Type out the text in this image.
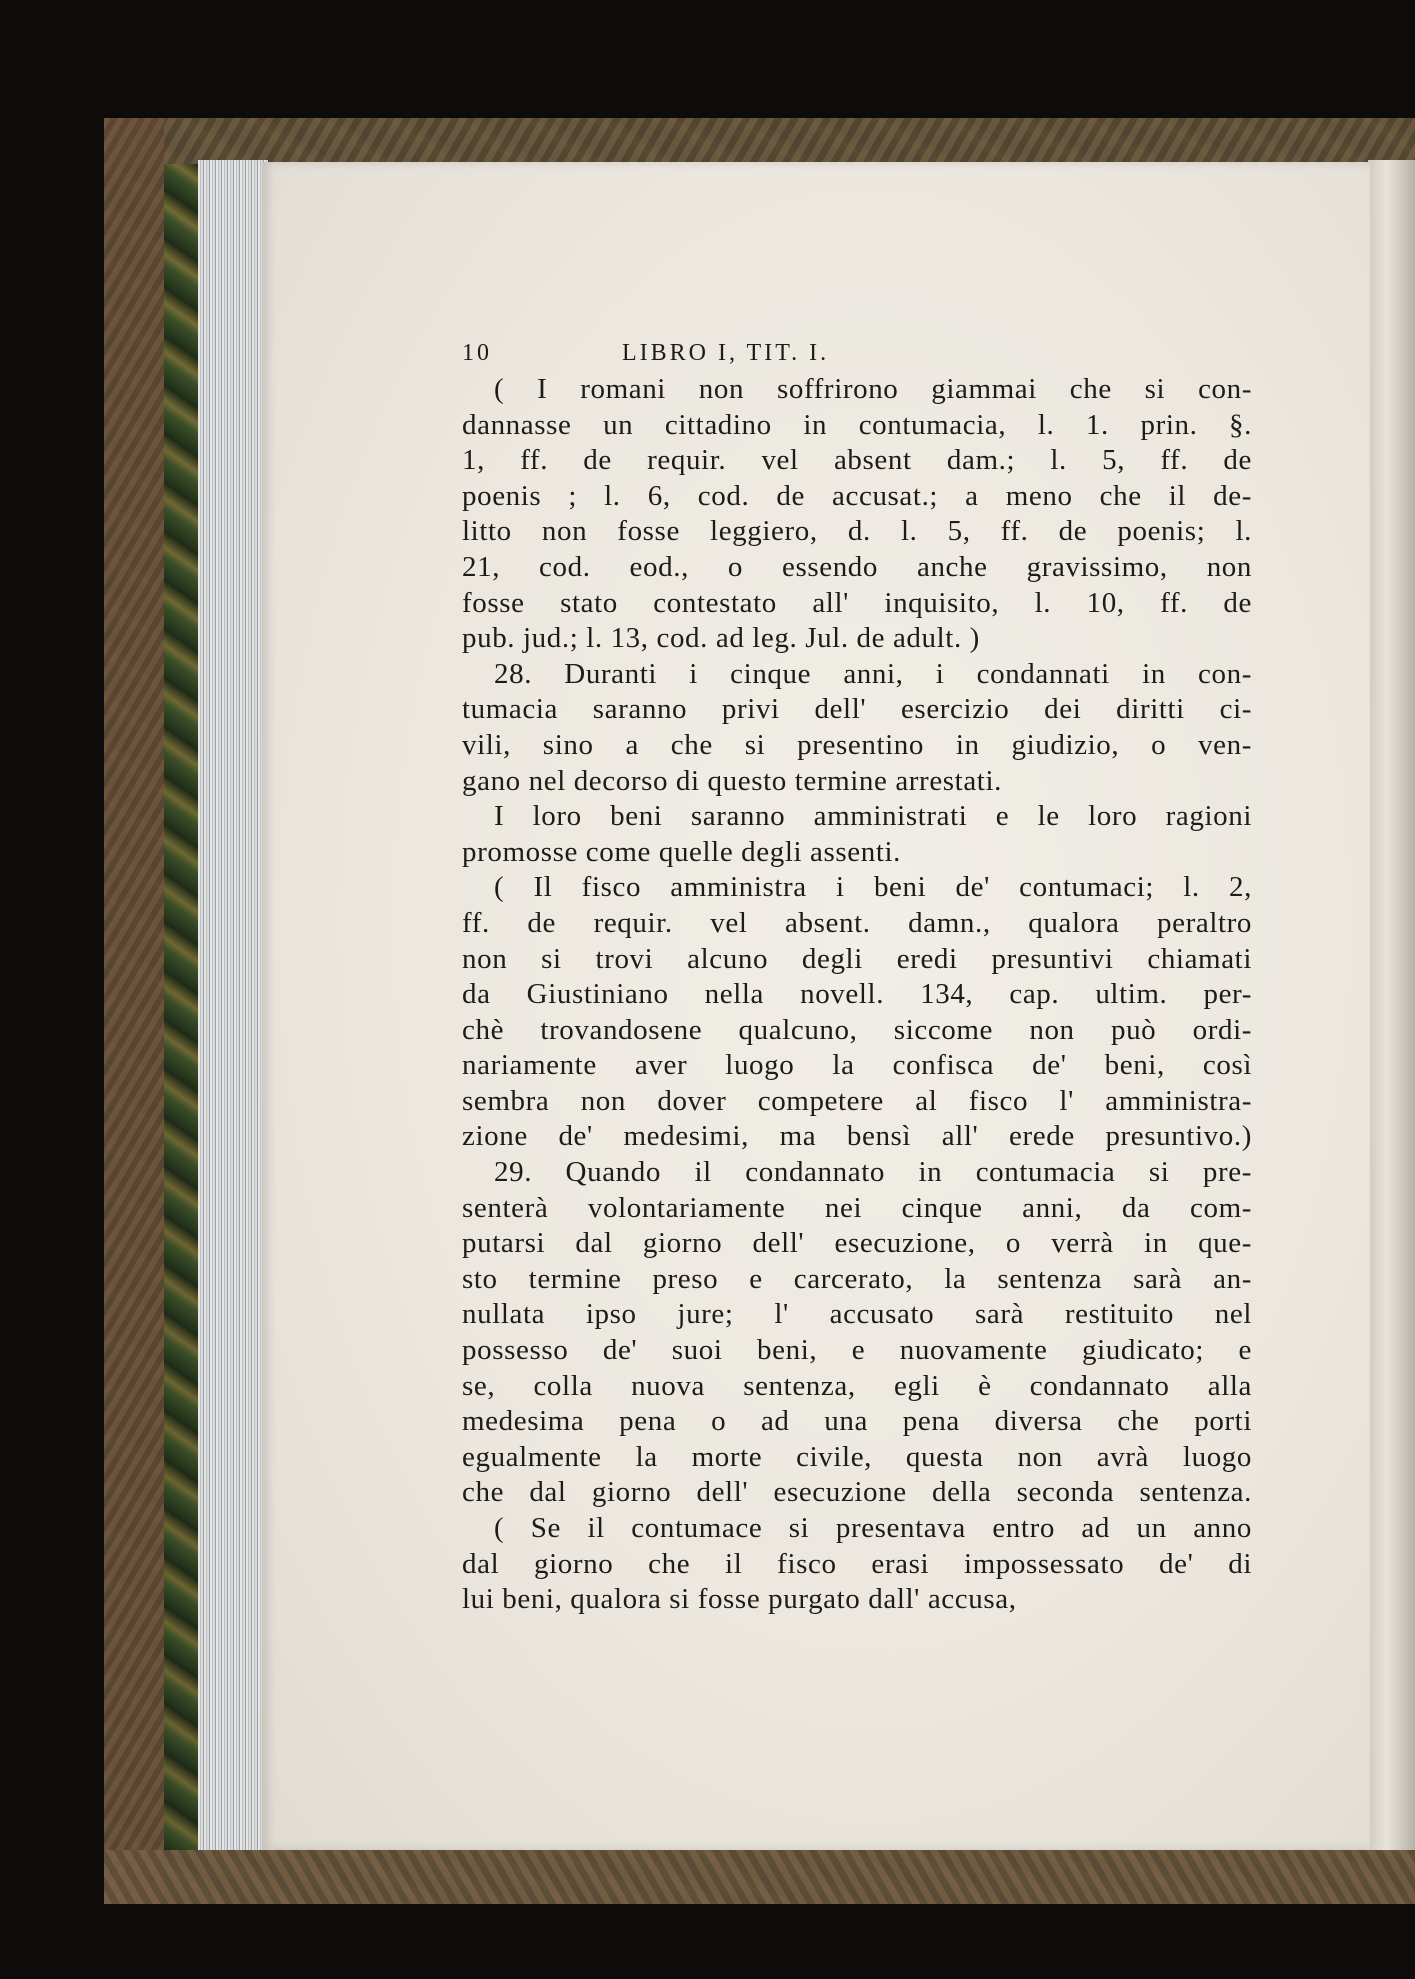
10	LIBRO I, TIT. I.
( I romani non soffrirono giammai che si con-
dannasse un cittadino in contumacia, l. 1. prin. §.
1, ff. de requir. vel absent dam.; l. 5, ff. de
poenis ; l. 6, cod. de accusat.; a meno che il de-
litto non fosse leggiero, d. l. 5, ff. de poenis; l.
21, cod. eod., o essendo anche gravissimo, non
fosse stato contestato all' inquisito, l. 10, ff. de
pub. jud.; l. 13, cod. ad leg. Jul. de adult. )
28. Duranti i cinque anni, i condannati in con-
tumacia saranno privi dell' esercizio dei diritti ci-
vili, sino a che si presentino in giudizio, o ven-
gano nel decorso di questo termine arrestati.
I loro beni saranno amministrati e le loro ragioni
promosse come quelle degli assenti.
( Il fisco amministra i beni de' contumaci; l. 2,
ff. de requir. vel absent. damn., qualora peraltro
non si trovi alcuno degli eredi presuntivi chiamati
da Giustiniano nella novell. 134, cap. ultim. per-
chè trovandosene qualcuno, siccome non può ordi-
nariamente aver luogo la confisca de' beni, così
sembra non dover competere al fisco l' amministra-
zione de' medesimi, ma bensì all' erede presuntivo.)
29. Quando il condannato in contumacia si pre-
senterà volontariamente nei cinque anni, da com-
putarsi dal giorno dell' esecuzione, o verrà in que-
sto termine preso e carcerato, la sentenza sarà an-
nullata ipso jure; l' accusato sarà restituito nel
possesso de' suoi beni, e nuovamente giudicato; e
se, colla nuova sentenza, egli è condannato alla
medesima pena o ad una pena diversa che porti
egualmente la morte civile, questa non avrà luogo
che dal giorno dell' esecuzione della seconda sentenza.
( Se il contumace si presentava entro ad un anno
dal giorno che il fisco erasi impossessato de' di
lui beni, qualora si fosse purgato dall' accusa,
